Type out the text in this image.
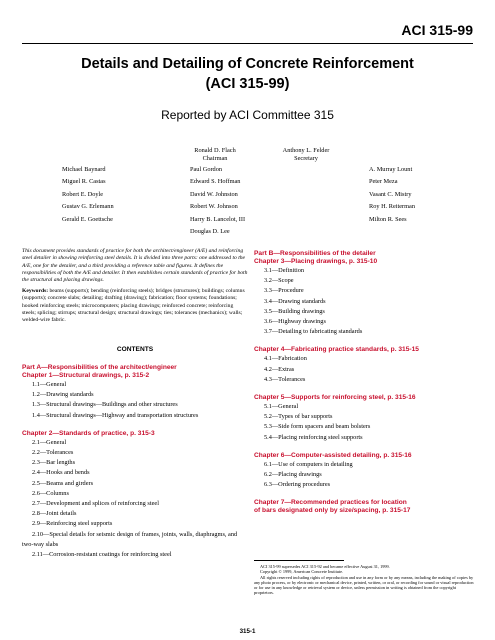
ACI 315-99
Details and Detailing of Concrete Reinforcement
(ACI 315-99)
Reported by ACI Committee 315
Ronald D. Flach
Chairman
Anthony L. Felder
Secretary
Michael Baynard
Miguel R. Castas
Robert E. Doyle
Gustav G. Erlemann
Gerald E. Goettsche
Paul Gordon
Edward S. Hoffman
David W. Johnston
Robert W. Johnson
Harry B. Lancelot, III
Douglas D. Lee
A. Murray Lount
Peter Meza
Vasant C. Mistry
Roy H. Reiterman
Milton R. Sees
This document provides standards of practice for both the architect/engineer (A/E) and reinforcing steel detailer in showing reinforcing steel details. It is divided into three parts: one addressed to the A/E, one for the detailer, and a third providing a reference table and figures. It defines the responsibilities of both the A/E and detailer. It then establishes certain standards of practice for both the structural and placing drawings.
Keywords: beams (supports); bending (reinforcing steels); bridges (structures); buildings; columns (supports); concrete slabs; detailing; drafting (drawing); fabrication; floor systems; foundations; hooked reinforcing steels; microcomputers; placing drawings; reinforced concrete; reinforcing steels; splicing; stirrups; structural design; structural drawings; ties; tolerances (mechanics); walls; welded-wire fabric.
CONTENTS
Part A—Responsibilities of the architect/engineer
Chapter 1—Structural drawings, p. 315-2
1.1—General
1.2—Drawing standards
1.3—Structural drawings—Buildings and other structures
1.4—Structural drawings—Highway and transportation structures
Chapter 2—Standards of practice, p. 315-3
2.1—General
2.2—Tolerances
2.3—Bar lengths
2.4—Hooks and bends
2.5—Beams and girders
2.6—Columns
2.7—Development and splices of reinforcing steel
2.8—Joint details
2.9—Reinforcing steel supports
2.10—Special details for seismic design of frames, joints, walls, diaphragms, and two-way slabs
2.11—Corrosion-resistant coatings for reinforcing steel
Part B—Responsibilities of the detailer
Chapter 3—Placing drawings, p. 315-10
3.1—Definition
3.2—Scope
3.3—Procedure
3.4—Drawing standards
3.5—Building drawings
3.6—Highway drawings
3.7—Detailing to fabricating standards
Chapter 4—Fabricating practice standards, p. 315-15
4.1—Fabrication
4.2—Extras
4.3—Tolerances
Chapter 5—Supports for reinforcing steel, p. 315-16
5.1—General
5.2—Types of bar supports
5.3—Side form spacers and beam bolsters
5.4—Placing reinforcing steel supports
Chapter 6—Computer-assisted detailing, p. 315-16
6.1—Use of computers in detailing
6.2—Placing drawings
6.3—Ordering procedures
Chapter 7—Recommended practices for location
of bars designated only by size/spacing, p. 315-17
ACI 315-99 supersedes ACI 315-92 and became effective August 31, 1999.
Copyright © 1999, American Concrete Institute.
All rights reserved including rights of reproduction and use in any form or by any means, including the making of copies by any photo process, or by electronic or mechanical device, printed, written, or oral, or recording for sound or visual reproduction or for use in any knowledge or retrieval system or device, unless permission in writing is obtained from the copyright proprietors.
315-1
